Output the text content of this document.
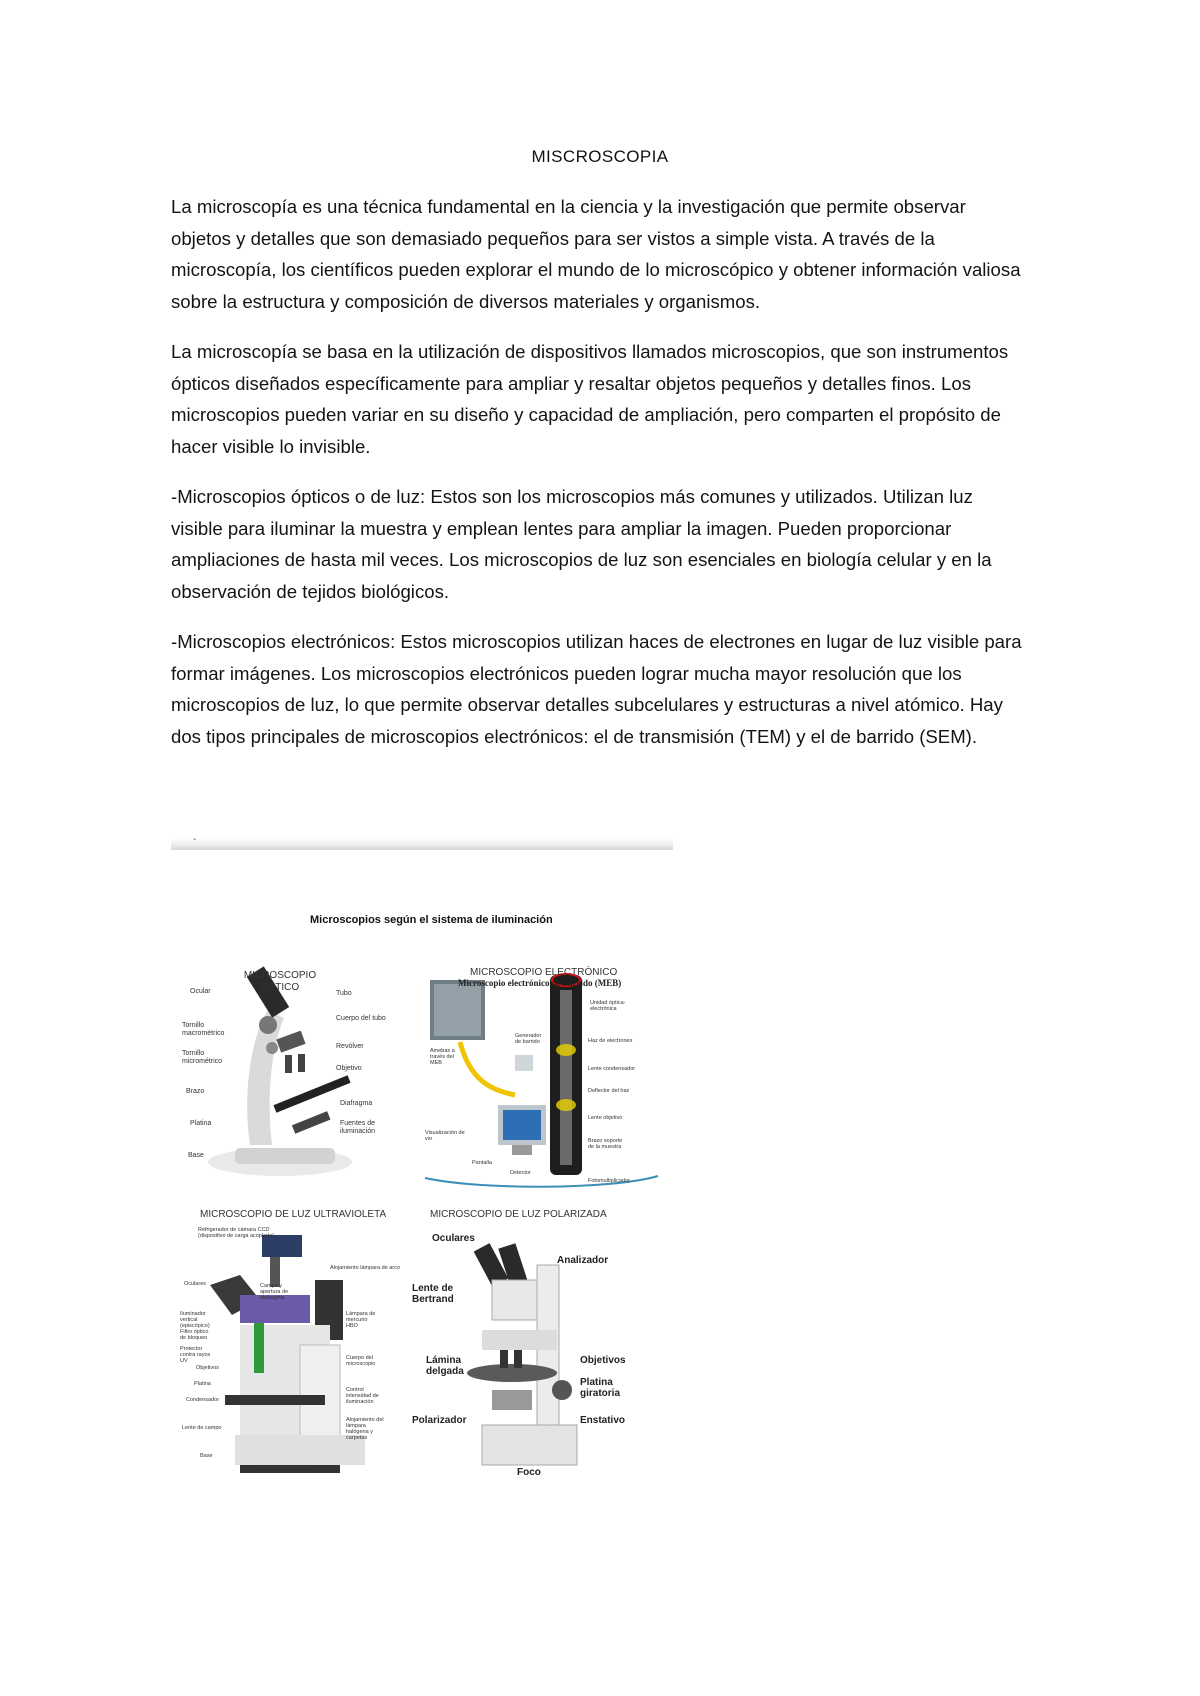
MISCROSCOPIA

La microscopía es una técnica fundamental en la ciencia y la investigación que permite observar objetos y detalles que son demasiado pequeños para ser vistos a simple vista. A través de la microscopía, los científicos pueden explorar el mundo de lo microscópico y obtener información valiosa sobre la estructura y composición de diversos materiales y organismos.

La microscopía se basa en la utilización de dispositivos llamados microscopios, que son instrumentos ópticos diseñados específicamente para ampliar y resaltar objetos pequeños y detalles finos. Los microscopios pueden variar en su diseño y capacidad de ampliación, pero comparten el propósito de hacer visible lo invisible.

-Microscopios ópticos o de luz: Estos son los microscopios más comunes y utilizados. Utilizan luz visible para iluminar la muestra y emplean lentes para ampliar la imagen. Pueden proporcionar ampliaciones de hasta mil veces. Los microscopios de luz son esenciales en biología celular y en la observación de tejidos biológicos.

-Microscopios electrónicos: Estos microscopios utilizan haces de electrones en lugar de luz visible para formar imágenes. Los microscopios electrónicos pueden lograr mucha mayor resolución que los microscopios de luz, lo que permite observar detalles subcelulares y estructuras a nivel atómico. Hay dos tipos principales de microscopios electrónicos: el de transmisión (TEM) y el de barrido (SEM).

-
Microscopios según el sistema de iluminación
MICROSCOPIO ÓPTICO
Ocular
Tornillo macrométrico
Tornillo micrométrico
Brazo
Platina
Base
Tubo
Cuerpo del tubo
Revólver
Objetivo
Diafragma
Fuentes de iluminación
MICROSCOPIO ELECTRÓNICO
Microscopio electrónico de barrido (MEB)
Unidad óptica-electrónica
Haz de electrones
Lente condensador
Deflector del haz
Lente objetivo
Brazo soporte de la muestra
Fotomultiplicador
Generador de barrido
Amebas a través del MEB
Visualización de vsr
Pantalla
Detector
MICROSCOPIO DE LUZ ULTRAVIOLETA
Refrigerador de cámara CCD (dispositivo de carga acoplada)
Oculares
Iluminador vertical (episcópico)
Filtro óptico de bloqueo
Protector contra rayos UV
Objetivos
Platina
Condensador
Lente de campo
Base
Campo y apertura de diafragma
Alojamiento lámpara de arco
Lámpara de mercurio HBO
Cuerpo del microscopio
Control intensidad de iluminación
Alojamiento del lámpara halógena y carpetas
Filtros de luz transmitida
MICROSCOPIO DE LUZ POLARIZADA
Oculares
Analizador
Lente de Bertrand
Lámina delgada
Objetivos
Platina giratoria
Polarizador	Enstativo
Foco
